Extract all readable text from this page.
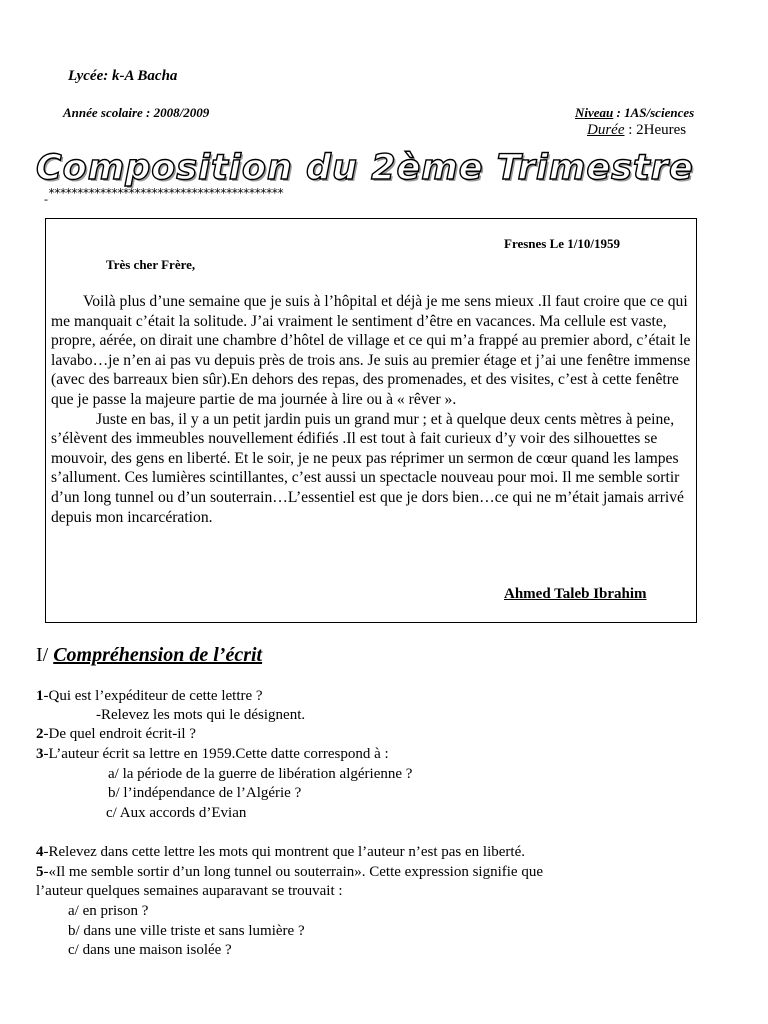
Lycée: k-A Bacha
Année scolaire : 2008/2009	Niveau : 1AS/sciences
Durée : 2Heures
Composition du 2ème Trimestre
- *****************************************
Fresnes Le 1/10/1959
Très cher Frère,

Voilà plus d’une semaine que je suis à l’hôpital et déjà je me sens mieux .Il faut croire que ce qui me manquait c’était la solitude. J’ai vraiment le sentiment d’être en vacances. Ma cellule est vaste, propre, aérée, on dirait une chambre d’hôtel de village et ce qui m’a frappé au premier abord, c’était le lavabo…je n’en ai pas vu depuis près de trois ans. Je suis au premier étage et j’ai une fenêtre immense (avec des barreaux bien sûr).En dehors des repas, des promenades, et des visites, c’est à cette fenêtre que je passe la majeure partie de ma journée à lire ou à « rêver ».

Juste en bas, il y a un petit jardin puis un grand mur ; et à quelque deux cents mètres à peine, s’élèvent des immeubles nouvellement édifiés .Il est tout à fait curieux d’y voir des silhouettes se mouvoir, des gens en liberté. Et le soir, je ne peux pas réprimer un sermon de cœur quand les lampes s’allument. Ces lumières scintillantes, c’est aussi un spectacle nouveau pour moi. Il me semble sortir d’un long tunnel ou d’un souterrain…L’essentiel est que je dors bien…ce qui ne m’était jamais arrivé depuis mon incarcération.

Ahmed Taleb Ibrahim
I/ Compréhension de l’écrit
1-Qui est l’expéditeur de cette lettre ?
-Relevez les mots qui le désignent.
2-De quel endroit écrit-il ?
3-L’auteur écrit sa lettre en 1959.Cette datte correspond à :
a/ la période de la guerre de libération algérienne ?
b/ l’indépendance de l’Algérie ?
c/ Aux accords d’Evian
4-Relevez dans cette lettre les mots qui montrent que l’auteur n’est pas en liberté.
5-«Il me semble sortir d’un long tunnel ou souterrain». Cette expression signifie que
l’auteur quelques semaines auparavant se trouvait :
a/ en prison ?
b/ dans une ville triste et sans lumière ?
c/ dans une maison isolée ?
